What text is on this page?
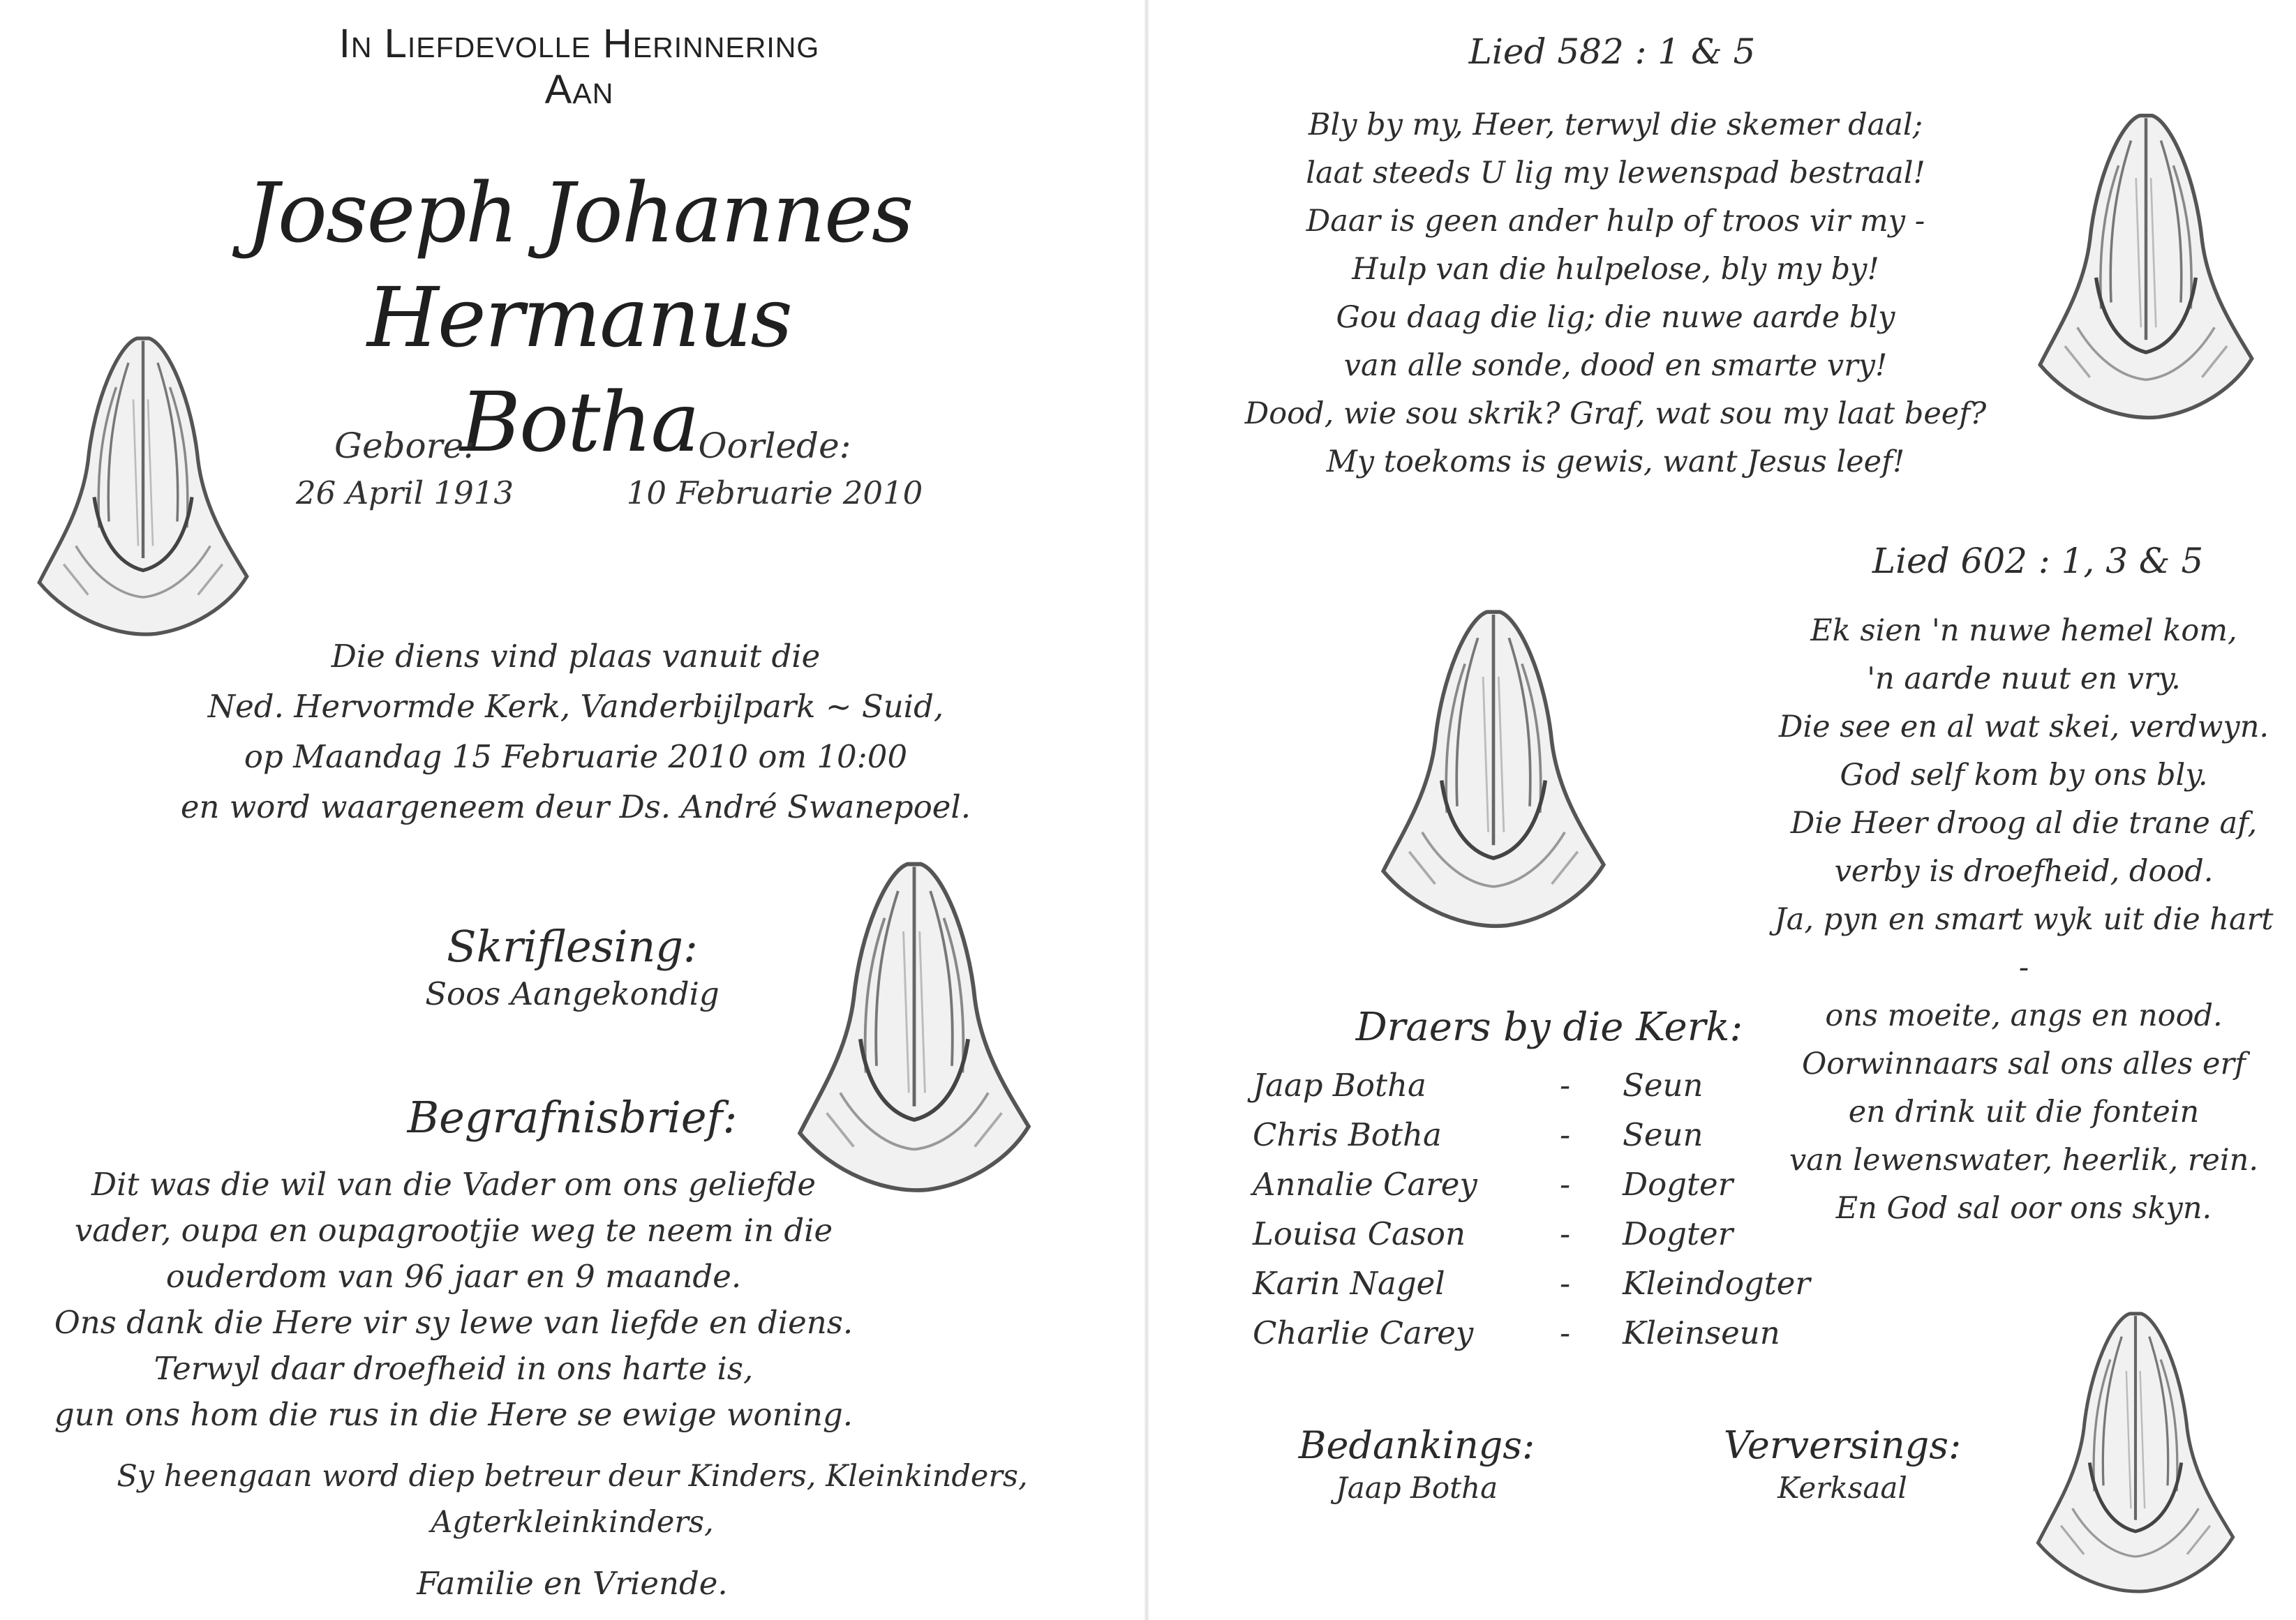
In Liefdevolle Herinnering
Aan
Joseph Johannes Hermanus
Botha
Gebore:
26 April 1913
Oorlede:
10 Februarie 2010
Die diens vind plaas vanuit die
Ned. Hervormde Kerk, Vanderbijlpark ~ Suid,
op Maandag 15 Februarie 2010 om 10:00
en word waargeneem deur Ds. André Swanepoel.
Skriflesing:
Soos Aangekondig
Begrafnisbrief:
Dit was die wil van die Vader om ons geliefde
vader, oupa en oupagrootjie weg te neem in die
ouderdom van 96 jaar en 9 maande.
Ons dank die Here vir sy lewe van liefde en diens.
Terwyl daar droefheid in ons harte is,
gun ons hom die rus in die Here se ewige woning.
Sy heengaan word diep betreur deur Kinders, Kleinkinders, Agterkleinkinders,
Familie en Vriende.
Lied 582 : 1 & 5
Bly by my, Heer, terwyl die skemer daal;
laat steeds U lig my lewenspad bestraal!
Daar is geen ander hulp of troos vir my -
Hulp van die hulpelose, bly my by!
Gou daag die lig; die nuwe aarde bly
van alle sonde, dood en smarte vry!
Dood, wie sou skrik? Graf, wat sou my laat beef?
My toekoms is gewis, want Jesus leef!
Lied 602 : 1, 3 & 5
Ek sien 'n nuwe hemel kom,
'n aarde nuut en vry.
Die see en al wat skei, verdwyn.
God self kom by ons bly.
Die Heer droog al die trane af,
verby is droefheid, dood.
Ja, pyn en smart wyk uit die hart -
ons moeite, angs en nood.
Oorwinnaars sal ons alles erf
en drink uit die fontein
van lewenswater, heerlik, rein.
En God sal oor ons skyn.
Draers by die Kerk:
Jaap Botha	-	Seun
Chris Botha	-	Seun
Annalie Carey	-	Dogter
Louisa Cason	-	Dogter
Karin Nagel	-	Kleindogter
Charlie Carey	-	Kleinseun
Bedankings:
Jaap Botha
Verversings:
Kerksaal
